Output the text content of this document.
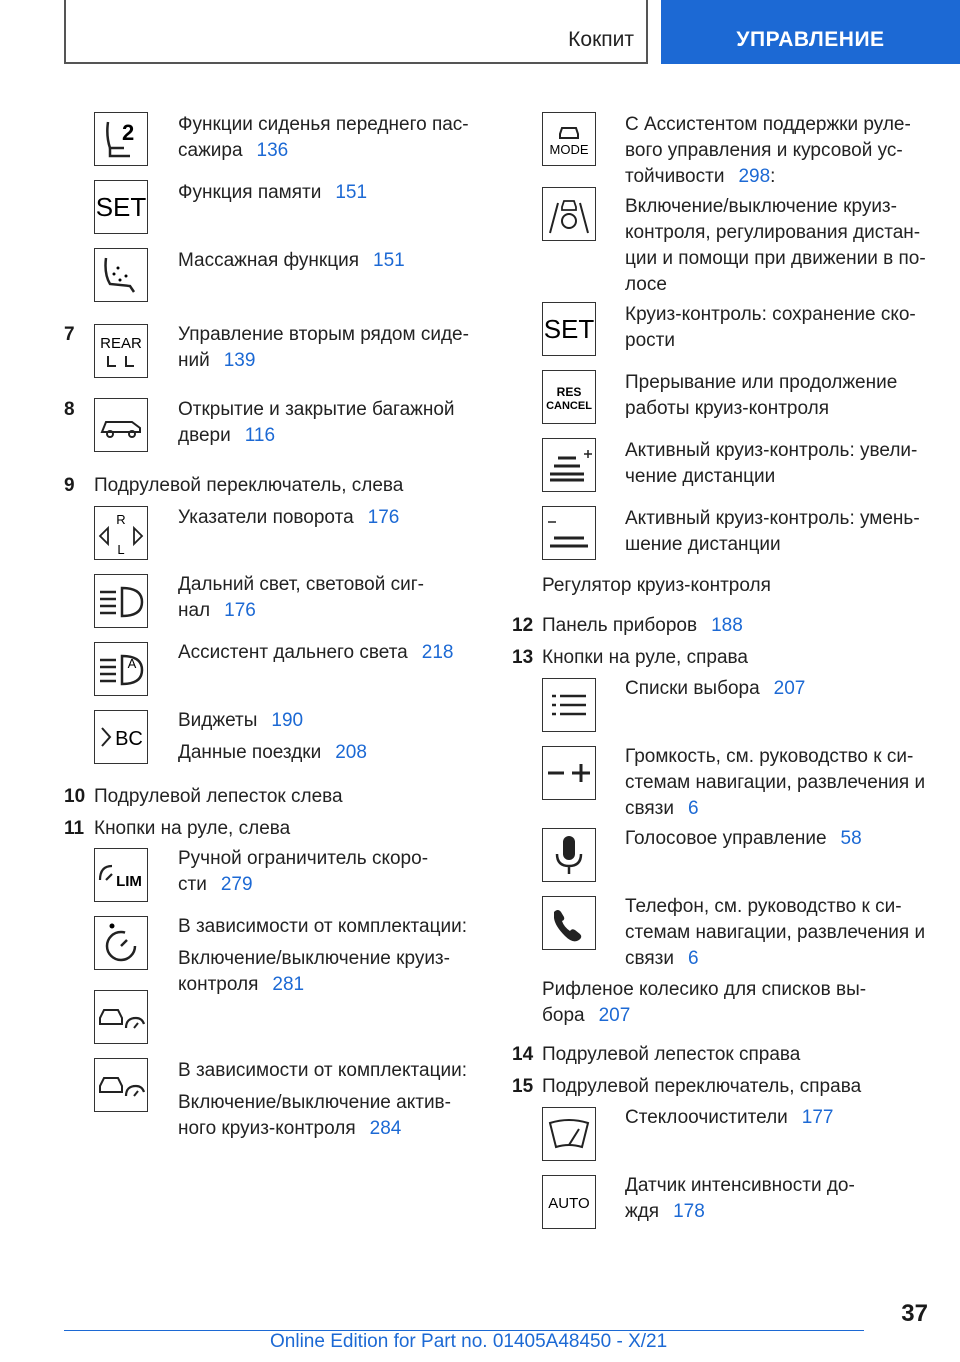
Кокпит	УПРАВЛЕНИЕ
2 Функции сиденья переднего пас-
сажира 136
SET Функция памяти 151
Массажная функция 151
7 REAR Управление вторым рядом сиде-
ний 139
8	Открытие и закрытие багажной
двери 116
9 Подрулевой переключатель, слева
R
L
Указатели поворота 176
Дальний свет, световой сиг-
нал 176
A
Ассистент дальнего света 218
BC
Виджеты 190
Данные поездки 208
10 Подрулевой лепесток слева
11 Кнопки на руле, слева
LIM
Ручной ограничитель скоро-
сти 279
В зависимости от комплектации:
Включение/выключение круиз-
контроля 281
В зависимости от комплектации:
Включение/выключение актив-
ного круиз-контроля 284
MODE
С Ассистентом поддержки руле-
вого управления и курсовой ус-
тойчивости 298:
Включение/выключение круиз-
контроля, регулирования дистан-
ции и помощи при движении в по-
лосе
SET Круиз-контроль: сохранение ско-
рости
RES
CANCEL
Прерывание или продолжение
работы круиз-контроля
Активный круиз-контроль: увели-
чение дистанции
Активный круиз-контроль: умень-
шение дистанции
Регулятор круиз-контроля
12 Панель приборов 188
13 Кнопки на руле, справа
Списки выбора 207
Громкость, см. руководство к си-
стемам навигации, развлечения и
связи 6
Голосовое управление 58
Телефон, см. руководство к си-
стемам навигации, развлечения и
связи 6
Рифленое колесико для списков вы-
бора 207
14 Подрулевой лепесток справа
15 Подрулевой переключатель, справа
Стеклоочистители 177
AUTO
Датчик интенсивности до-
ждя 178
37
Online Edition for Part no. 01405A48450 - X/21
